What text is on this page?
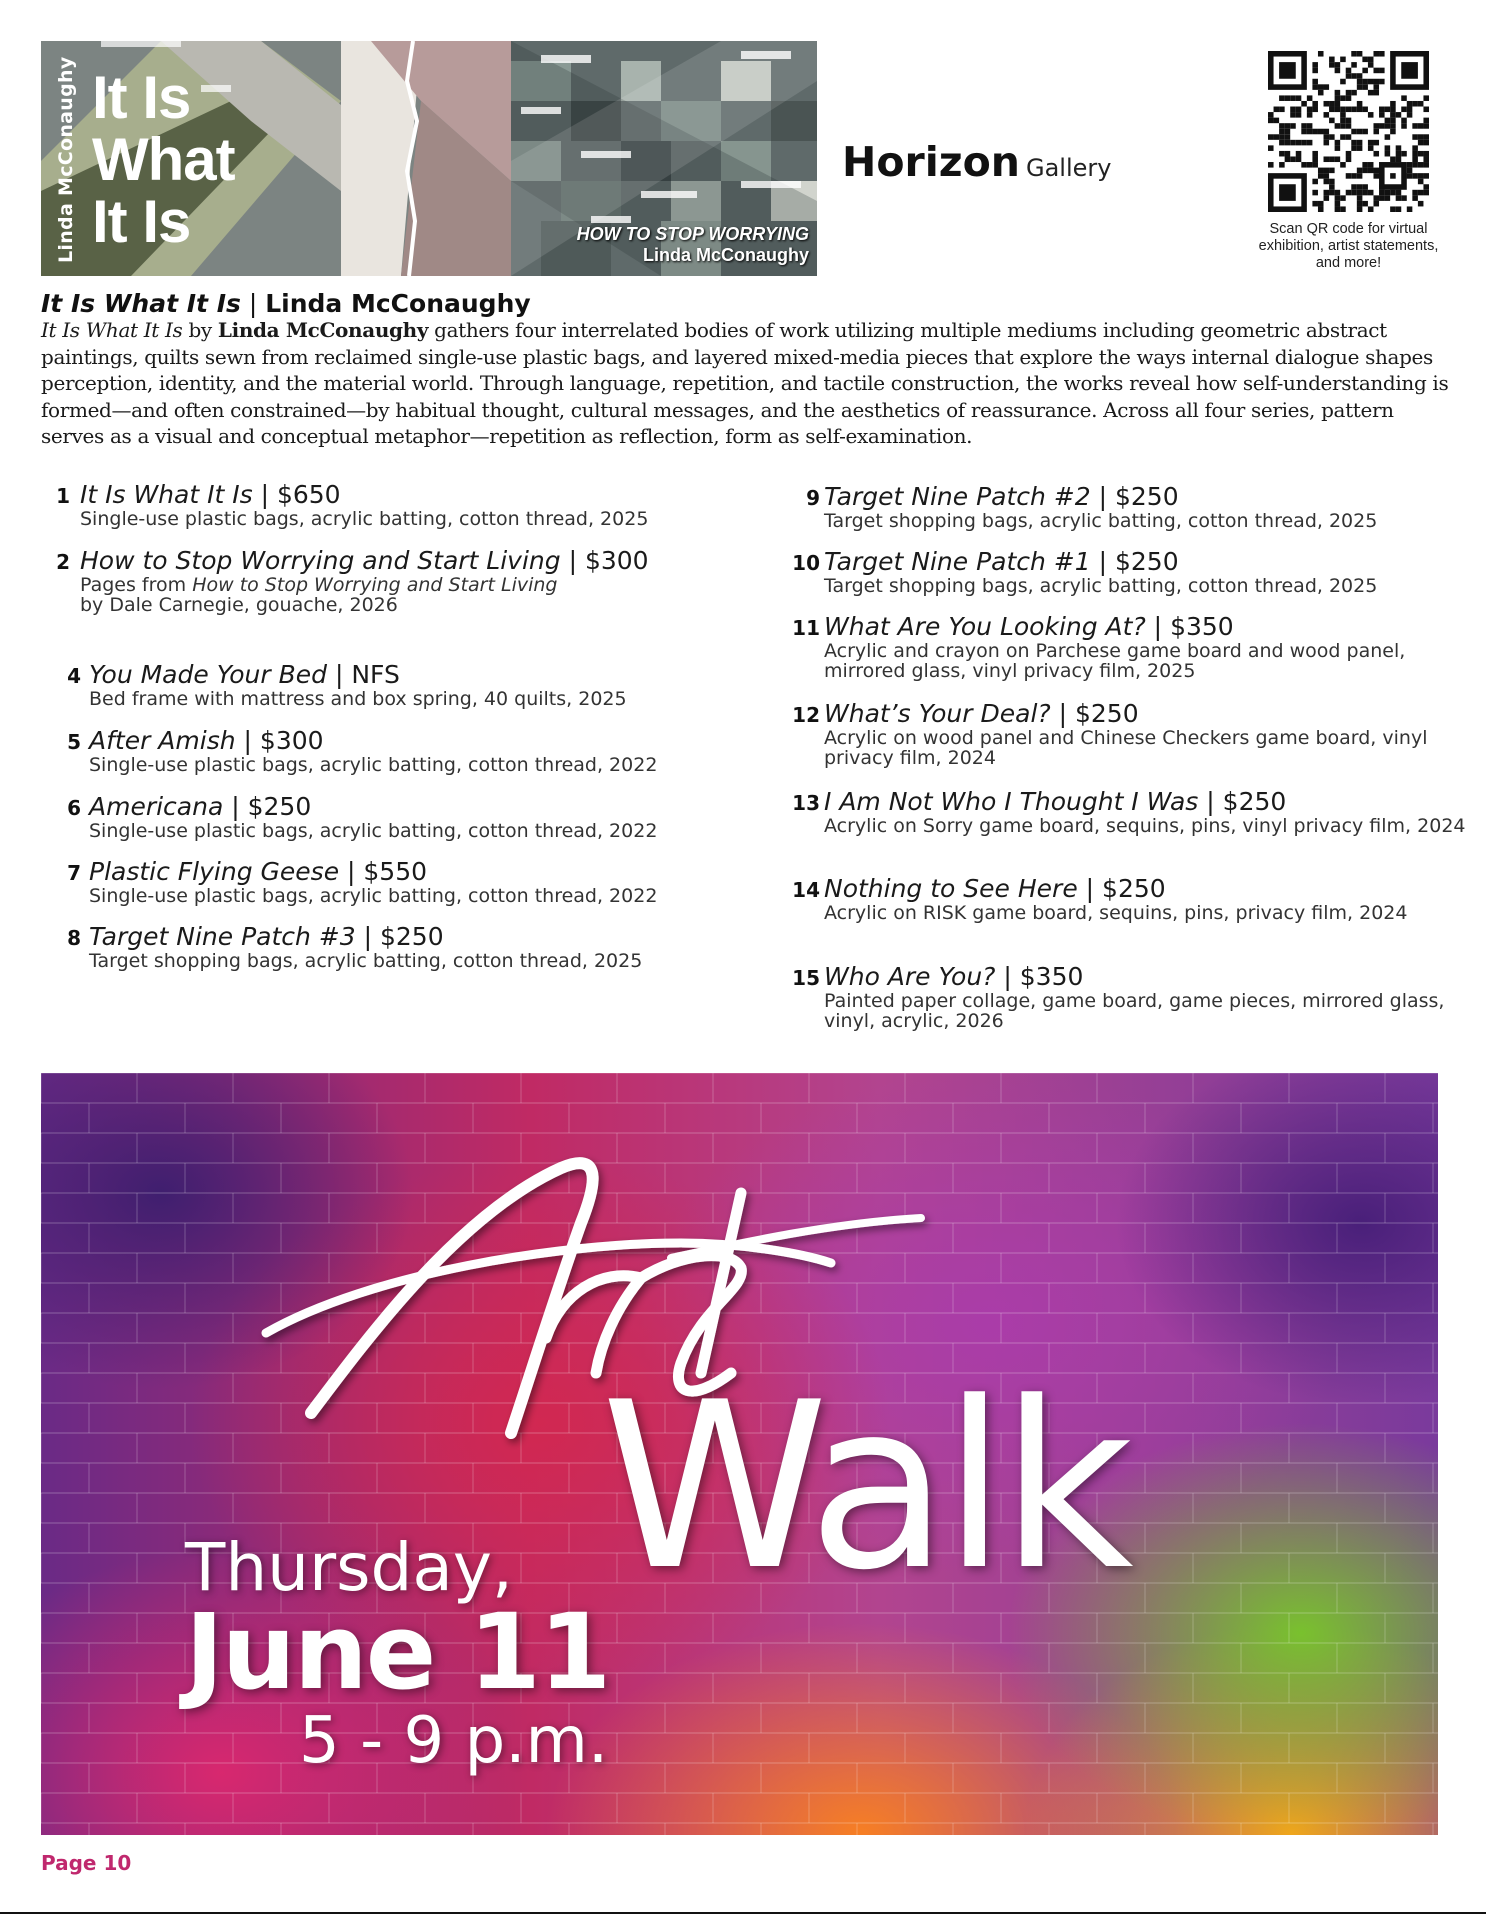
Linda McConaughy It Is
What
It Is	HOW TO STOP WORRYING
Linda McConaughy
Horizon Gallery
Scan QR code for virtual exhibition, artist statements, and more!
It Is What It Is | Linda McConaughy
It Is What It Is by Linda McConaughy gathers four interrelated bodies of work utilizing multiple mediums including geometric abstract paintings, quilts sewn from reclaimed single-use plastic bags, and layered mixed-media pieces that explore the ways internal dialogue shapes perception, identity, and the material world. Through language, repetition, and tactile construction, the works reveal how self-understanding is formed—and often constrained—by habitual thought, cultural messages, and the aesthetics of reassurance. Across all four series, pattern serves as a visual and conceptual metaphor—repetition as reflection, form as self-examination.
1 It Is What It Is | $650
Single-use plastic bags, acrylic batting, cotton thread, 2025
2 How to Stop Worrying and Start Living | $300
Pages from How to Stop Worrying and Start Living
by Dale Carnegie, gouache, 2026
4 You Made Your Bed | NFS
Bed frame with mattress and box spring, 40 quilts, 2025
5 After Amish | $300
Single-use plastic bags, acrylic batting, cotton thread, 2022
6 Americana | $250
Single-use plastic bags, acrylic batting, cotton thread, 2022
7 Plastic Flying Geese | $550
Single-use plastic bags, acrylic batting, cotton thread, 2022
8 Target Nine Patch #3 | $250
Target shopping bags, acrylic batting, cotton thread, 2025
9 Target Nine Patch #2 | $250
Target shopping bags, acrylic batting, cotton thread, 2025
10 Target Nine Patch #1 | $250
Target shopping bags, acrylic batting, cotton thread, 2025
11 What Are You Looking At? | $350
Acrylic and crayon on Parchese game board and wood panel, mirrored glass, vinyl privacy film, 2025
12 What’s Your Deal? | $250
Acrylic on wood panel and Chinese Checkers game board, vinyl privacy film, 2024
13 I Am Not Who I Thought I Was | $250
Acrylic on Sorry game board, sequins, pins, vinyl privacy film, 2024
14 Nothing to See Here | $250
Acrylic on RISK game board, sequins, pins, privacy film, 2024
15 Who Are You? | $350
Painted paper collage, game board, game pieces, mirrored glass, vinyl, acrylic, 2026
Walk
Thursday,
June 11
5 - 9 p.m.
Page 10
